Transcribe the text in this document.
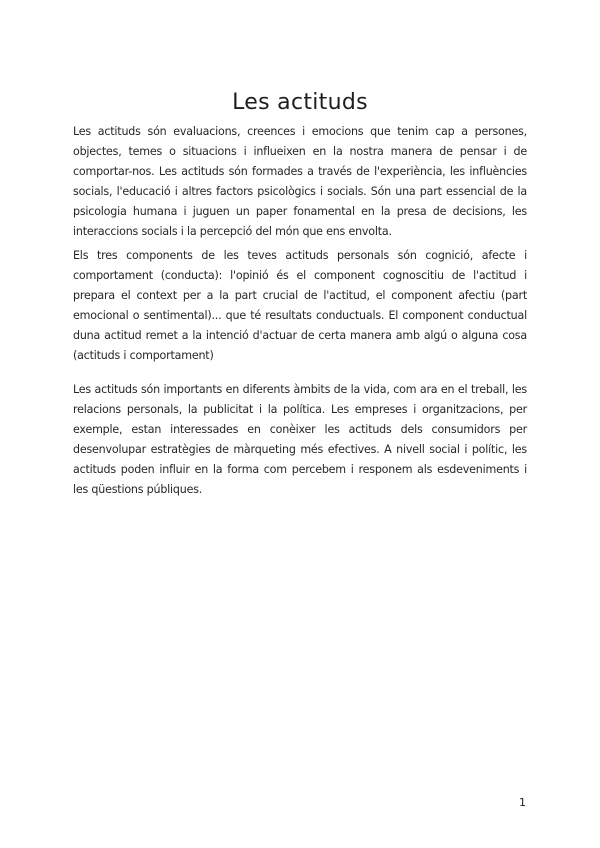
Les actituds

Les actituds són evaluacions, creences i emocions que tenim cap a persones, objectes, temes o situacions i influeixen en la nostra manera de pensar i de comportar-nos. Les actituds són formades a través de l'experiència, les influències socials, l'educació i altres factors psicològics i socials. Són una part essencial de la psicologia humana i juguen un paper fonamental en la presa de decisions, les interaccions socials i la percepció del món que ens envolta.

Els tres components de les teves actituds personals són cognició, afecte i comportament (conducta): l'opinió és el component cognoscitiu de l'actitud i prepara el context per a la part crucial de l'actitud, el component afectiu (part emocional o sentimental)... que té resultats conductuals. El component conductual duna actitud remet a la intenció d'actuar de certa manera amb algú o alguna cosa (actituds i comportament)

Les actituds són importants en diferents àmbits de la vida, com ara en el treball, les relacions personals, la publicitat i la política. Les empreses i organitzacions, per exemple, estan interessades en conèixer les actituds dels consumidors per desenvolupar estratègies de màrqueting més efectives. A nivell social i polític, les actituds poden influir en la forma com percebem i responem als esdeveniments i les qüestions públiques.

1
